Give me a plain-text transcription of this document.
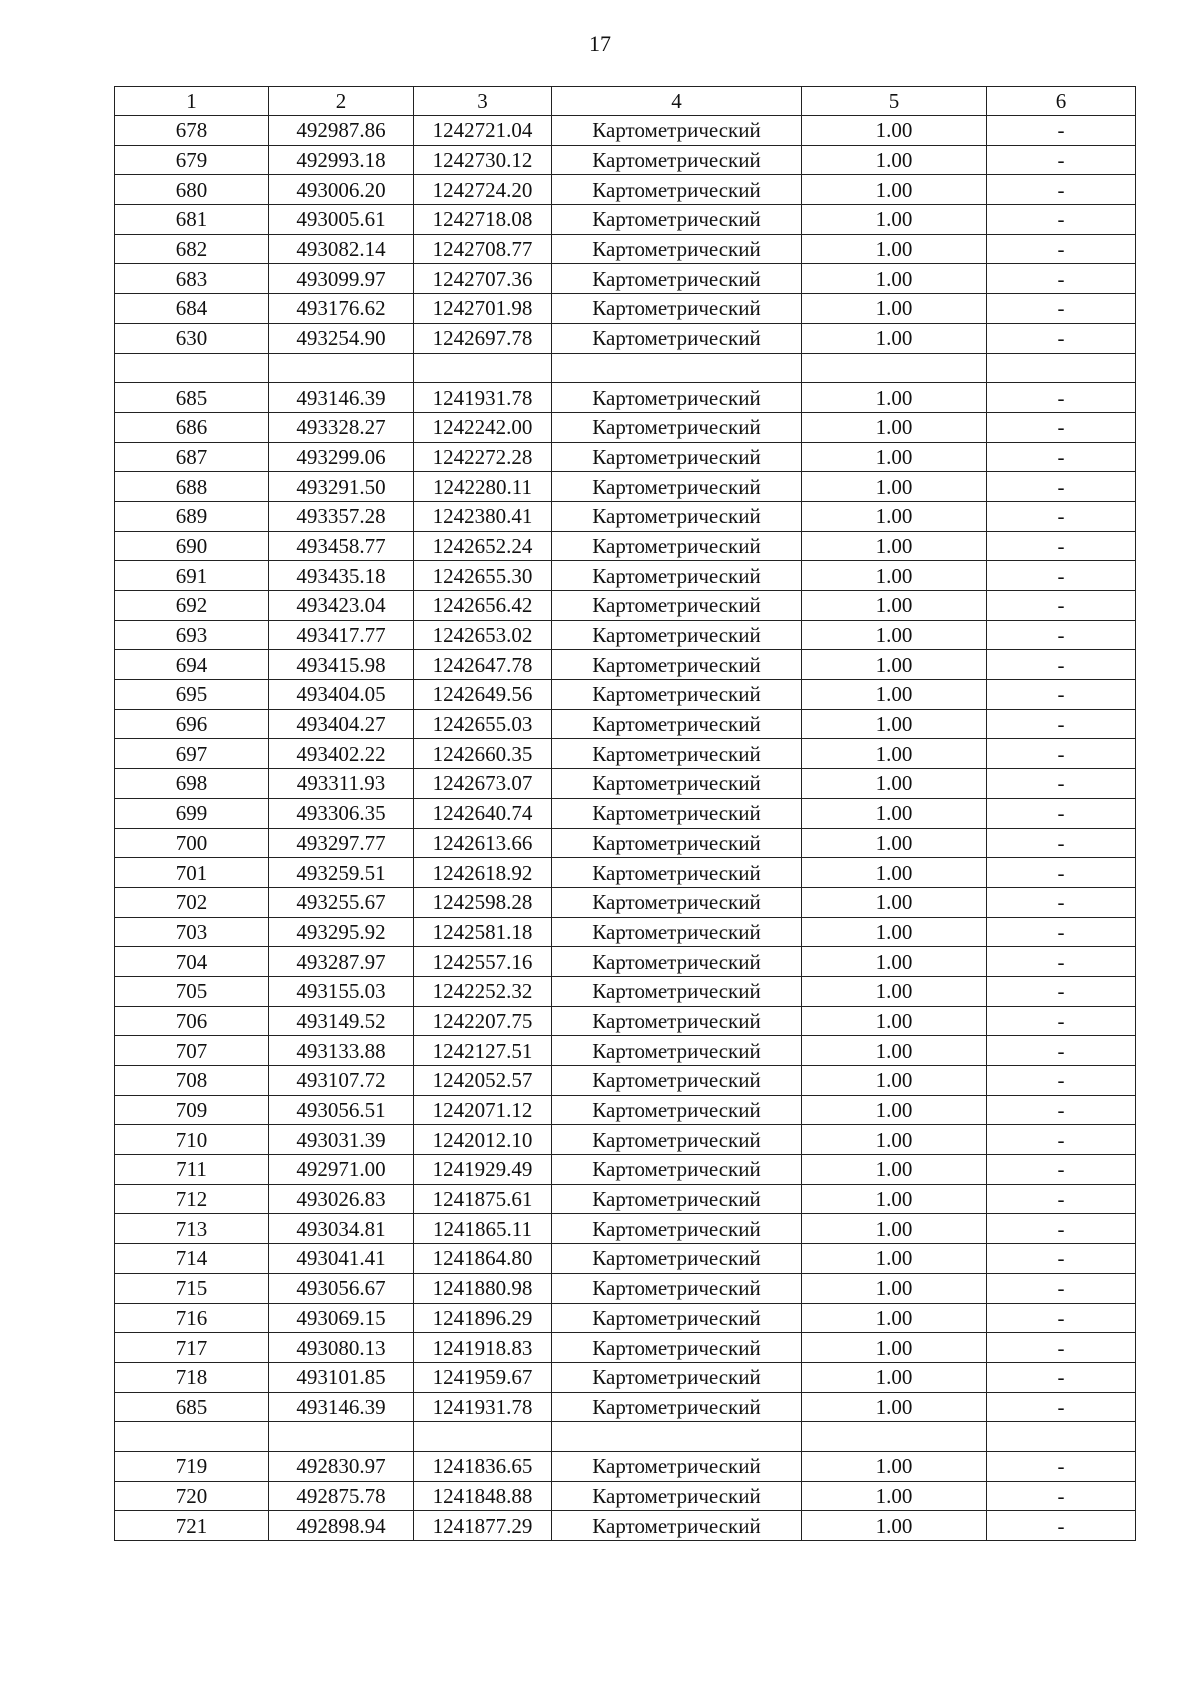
17
1	2	3	4	5	6
678	492987.86	1242721.04	Картометрический	1.00	-
679	492993.18	1242730.12	Картометрический	1.00	-
680	493006.20	1242724.20	Картометрический	1.00	-
681	493005.61	1242718.08	Картометрический	1.00	-
682	493082.14	1242708.77	Картометрический	1.00	-
683	493099.97	1242707.36	Картометрический	1.00	-
684	493176.62	1242701.98	Картометрический	1.00	-
630	493254.90	1242697.78	Картометрический	1.00	-

685	493146.39	1241931.78	Картометрический	1.00	-
686	493328.27	1242242.00	Картометрический	1.00	-
687	493299.06	1242272.28	Картометрический	1.00	-
688	493291.50	1242280.11	Картометрический	1.00	-
689	493357.28	1242380.41	Картометрический	1.00	-
690	493458.77	1242652.24	Картометрический	1.00	-
691	493435.18	1242655.30	Картометрический	1.00	-
692	493423.04	1242656.42	Картометрический	1.00	-
693	493417.77	1242653.02	Картометрический	1.00	-
694	493415.98	1242647.78	Картометрический	1.00	-
695	493404.05	1242649.56	Картометрический	1.00	-
696	493404.27	1242655.03	Картометрический	1.00	-
697	493402.22	1242660.35	Картометрический	1.00	-
698	493311.93	1242673.07	Картометрический	1.00	-
699	493306.35	1242640.74	Картометрический	1.00	-
700	493297.77	1242613.66	Картометрический	1.00	-
701	493259.51	1242618.92	Картометрический	1.00	-
702	493255.67	1242598.28	Картометрический	1.00	-
703	493295.92	1242581.18	Картометрический	1.00	-
704	493287.97	1242557.16	Картометрический	1.00	-
705	493155.03	1242252.32	Картометрический	1.00	-
706	493149.52	1242207.75	Картометрический	1.00	-
707	493133.88	1242127.51	Картометрический	1.00	-
708	493107.72	1242052.57	Картометрический	1.00	-
709	493056.51	1242071.12	Картометрический	1.00	-
710	493031.39	1242012.10	Картометрический	1.00	-
711	492971.00	1241929.49	Картометрический	1.00	-
712	493026.83	1241875.61	Картометрический	1.00	-
713	493034.81	1241865.11	Картометрический	1.00	-
714	493041.41	1241864.80	Картометрический	1.00	-
715	493056.67	1241880.98	Картометрический	1.00	-
716	493069.15	1241896.29	Картометрический	1.00	-
717	493080.13	1241918.83	Картометрический	1.00	-
718	493101.85	1241959.67	Картометрический	1.00	-
685	493146.39	1241931.78	Картометрический	1.00	-

719	492830.97	1241836.65	Картометрический	1.00	-
720	492875.78	1241848.88	Картометрический	1.00	-
721	492898.94	1241877.29	Картометрический	1.00	-
